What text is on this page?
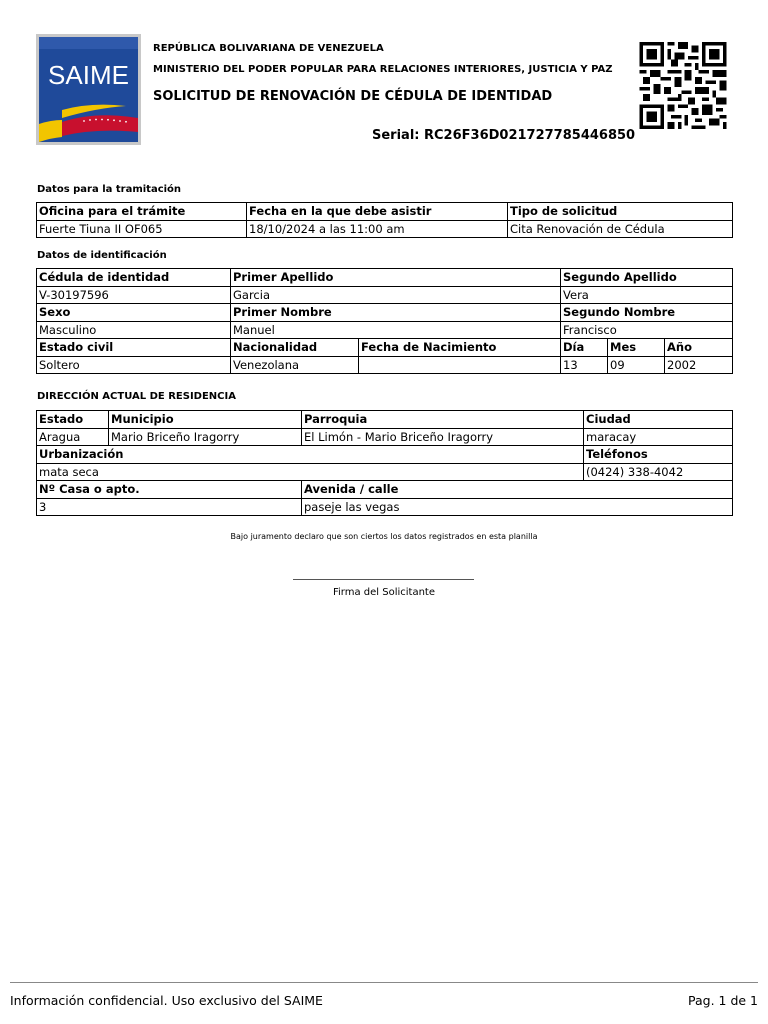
SAIME
REPÚBLICA BOLIVARIANA DE VENEZUELA
MINISTERIO DEL PODER POPULAR PARA RELACIONES INTERIORES, JUSTICIA Y PAZ
SOLICITUD DE RENOVACIÓN DE CÉDULA DE IDENTIDAD
Serial: RC26F36D021727785446850
Datos para la tramitación
Oficina para el trámite	Fecha en la que debe asistir	Tipo de solicitud
Fuerte Tiuna II OF065	18/10/2024 a las 11:00 am	Cita Renovación de Cédula
Datos de identificación
Cédula de identidad	Primer Apellido		Segundo Apellido		
V-30197596	Garcia		Vera		
Sexo	Primer Nombre		Segundo Nombre		
Masculino	Manuel		Francisco		
Estado civil	Nacionalidad	Fecha de Nacimiento	Día	Mes	Año
Soltero	Venezolana		13	09	2002
DIRECCIÓN ACTUAL DE RESIDENCIA
Estado	Municipio	Parroquia	Ciudad
Aragua	Mario Briceño Iragorry	El Limón - Mario Briceño Iragorry	maracay
Urbanización			Teléfonos
mata seca			(0424) 338-4042
Nº Casa o apto.		Avenida / calle	
3		paseje las vegas	
Bajo juramento declaro que son ciertos los datos registrados en esta planilla
Firma del Solicitante
Información confidencial. Uso exclusivo del SAIME	Pag. 1 de 1
